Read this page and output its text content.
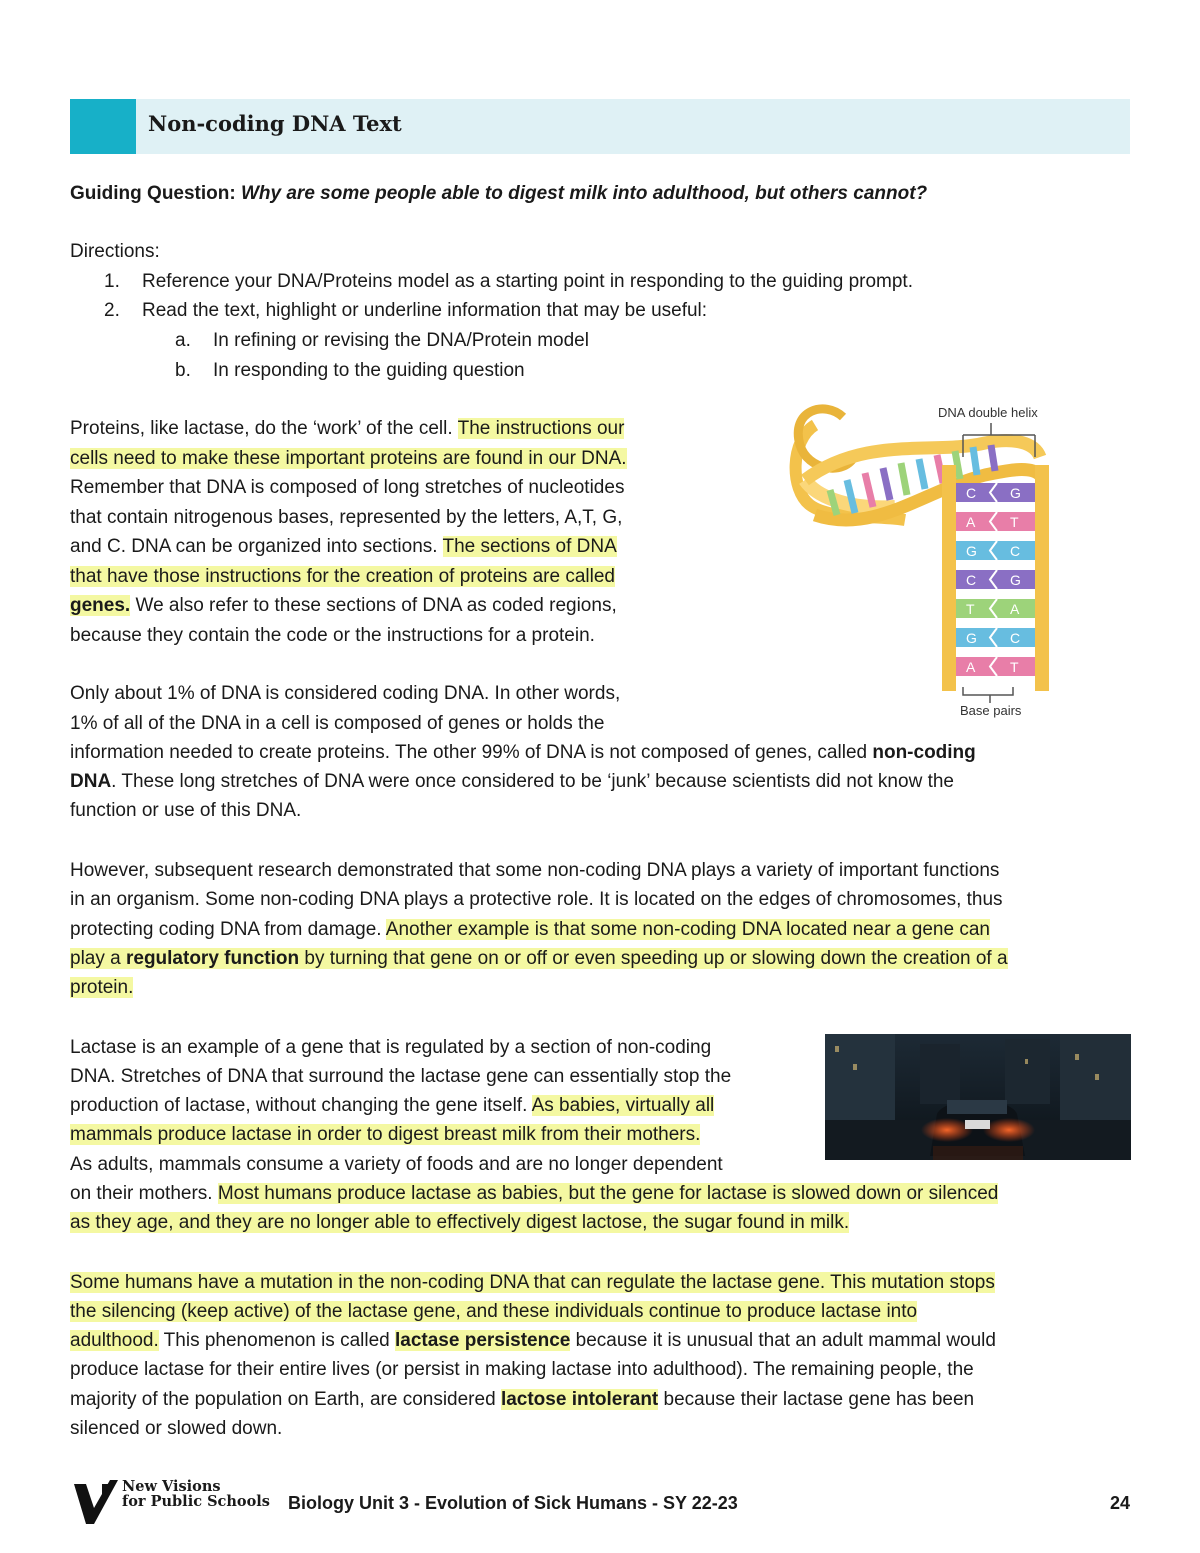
Non-coding DNA Text
Guiding Question: Why are some people able to digest milk into adulthood, but others cannot?
Directions:
1. Reference your DNA/Proteins model as a starting point in responding to the guiding prompt.
2. Read the text, highlight or underline information that may be useful:
a. In refining or revising the DNA/Protein model
b. In responding to the guiding question
Proteins, like lactase, do the ‘work’ of the cell. The instructions our
cells need to make these important proteins are found in our DNA.
Remember that DNA is composed of long stretches of nucleotides
that contain nitrogenous bases, represented by the letters, A,T, G,
and C. DNA can be organized into sections. The sections of DNA
that have those instructions for the creation of proteins are called
genes. We also refer to these sections of DNA as coded regions,
because they contain the code or the instructions for a protein.
Only about 1% of DNA is considered coding DNA. In other words,
1% of all of the DNA in a cell is composed of genes or holds the
information needed to create proteins. The other 99% of DNA is not composed of genes, called non-coding
DNA. These long stretches of DNA were once considered to be ‘junk’ because scientists did not know the
function or use of this DNA.
However, subsequent research demonstrated that some non-coding DNA plays a variety of important functions
in an organism. Some non-coding DNA plays a protective role. It is located on the edges of chromosomes, thus
protecting coding DNA from damage. Another example is that some non-coding DNA located near a gene can
play a regulatory function by turning that gene on or off or even speeding up or slowing down the creation of a
protein.
Lactase is an example of a gene that is regulated by a section of non-coding
DNA. Stretches of DNA that surround the lactase gene can essentially stop the
production of lactase, without changing the gene itself. As babies, virtually all
mammals produce lactase in order to digest breast milk from their mothers.
As adults, mammals consume a variety of foods and are no longer dependent
on their mothers. Most humans produce lactase as babies, but the gene for lactase is slowed down or silenced
as they age, and they are no longer able to effectively digest lactose, the sugar found in milk.
Some humans have a mutation in the non-coding DNA that can regulate the lactase gene. This mutation stops
the silencing (keep active) of the lactase gene, and these individuals continue to produce lactase into
adulthood. This phenomenon is called lactase persistence because it is unusual that an adult mammal would
produce lactase for their entire lives (or persist in making lactase into adulthood). The remaining people, the
majority of the population on Earth, are considered lactose intolerant because their lactase gene has been
silenced or slowed down.
C G
A T
G C
C G
T	A
G C
A T
DNA double helix
Base pairs
New Visions
for Public Schools Biology Unit 3 - Evolution of Sick Humans - SY 22-23	24
